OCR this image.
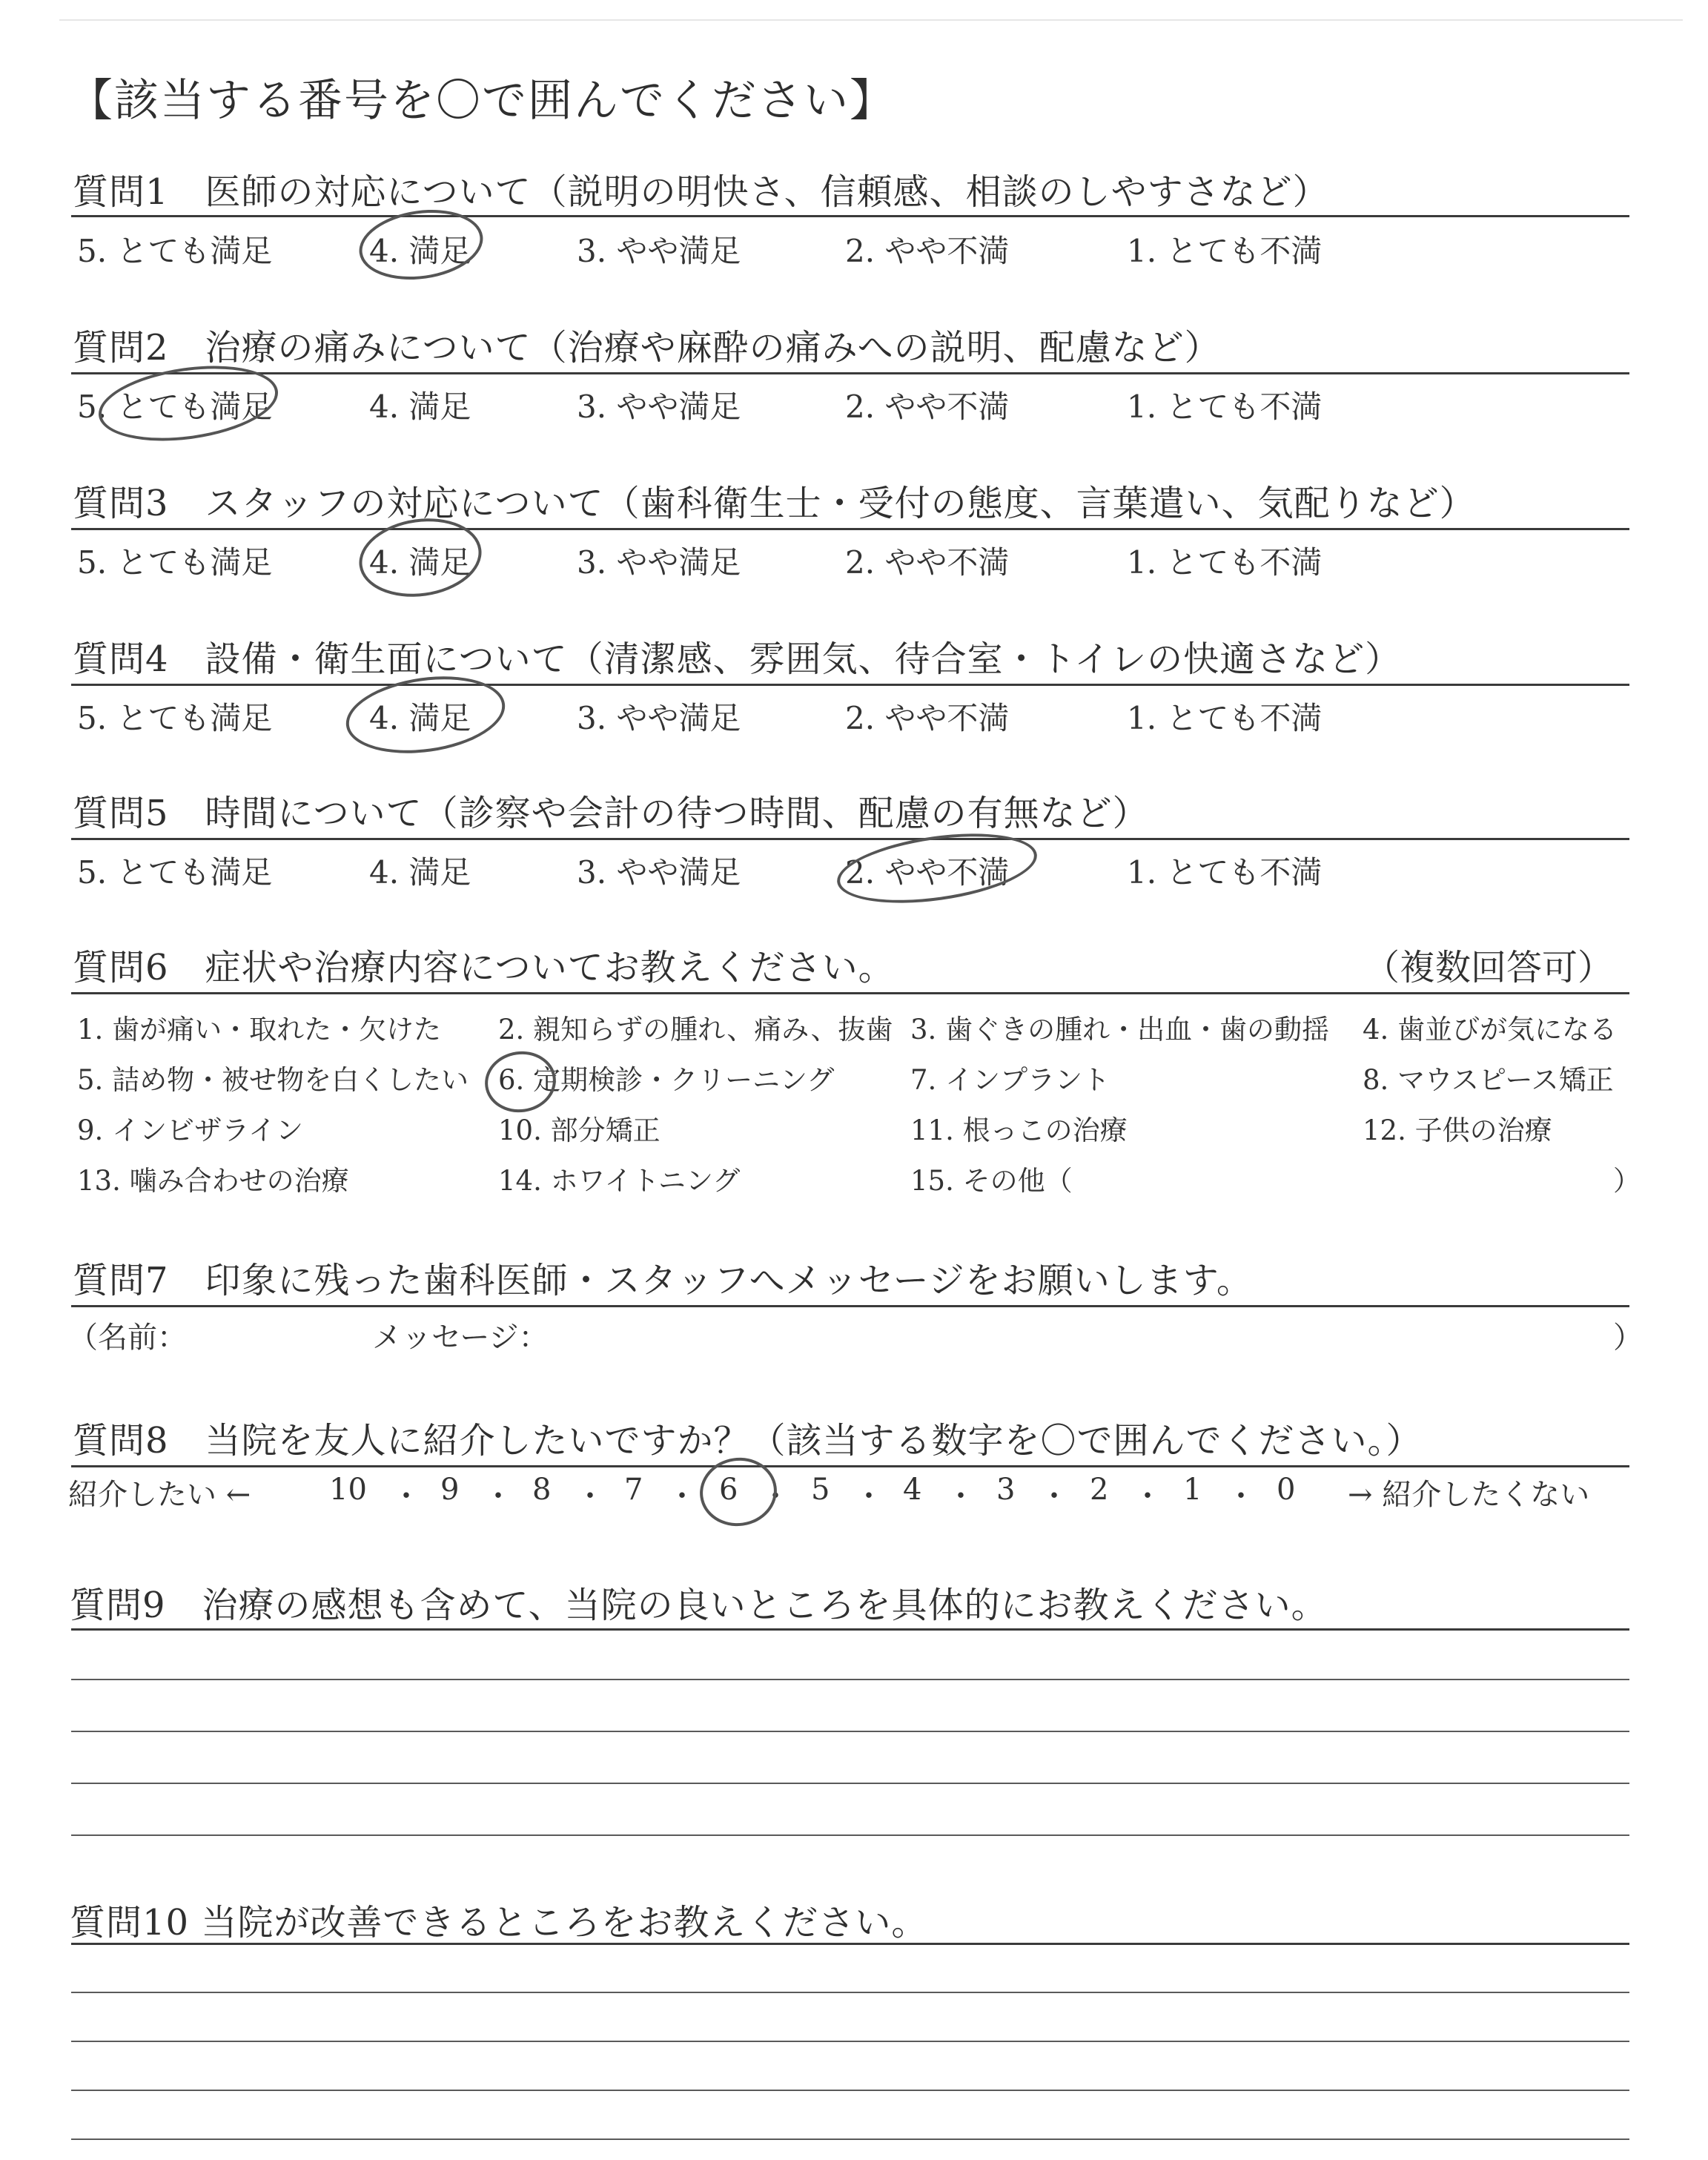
【該当する番号を〇で囲んでください】
質問1　医師の対応について（説明の明快さ、信頼感、相談のしやすさなど）
5. とても満足	4. 満足	3. やや満足	2. やや不満	1. とても不満
質問2　治療の痛みについて（治療や麻酔の痛みへの説明、配慮など）
5. とても満足	4. 満足	3. やや満足	2. やや不満	1. とても不満
質問3　スタッフの対応について（歯科衛生士・受付の態度、言葉遣い、気配りなど）
5. とても満足	4. 満足	3. やや満足	2. やや不満	1. とても不満
質問4　設備・衛生面について（清潔感、雰囲気、待合室・トイレの快適さなど）
5. とても満足	4. 満足	3. やや満足	2. やや不満	1. とても不満
質問5　時間について（診察や会計の待つ時間、配慮の有無など）
5. とても満足	4. 満足	3. やや満足	2. やや不満	1. とても不満
質問6　症状や治療内容についてお教えください。	（複数回答可）
1. 歯が痛い・取れた・欠けた 2. 親知らずの腫れ、痛み、抜歯 3. 歯ぐきの腫れ・出血・歯の動揺 4. 歯並びが気になる
5. 詰め物・被せ物を白くしたい 6. 定期検診・クリーニング	7. インプラント	8. マウスピース矯正
9. インビザライン	10. 部分矯正	11. 根っこの治療	12. 子供の治療
13. 噛み合わせの治療	14. ホワイトニング	15. その他（	）
質問7　印象に残った歯科医師・スタッフへメッセージをお願いします。
（名前：	メッセージ：	）
質問8　当院を友人に紹介したいですか？（該当する数字を〇で囲んでください。）
紹介したい ←	→ 紹介したくない
10 ・ 9 ・ 8 ・ 7 ・ 6 ・ 5 ・ 4 ・ 3 ・ 2 ・ 1 ・ 0
質問9　治療の感想も含めて、当院の良いところを具体的にお教えください。
質問10 当院が改善できるところをお教えください。
